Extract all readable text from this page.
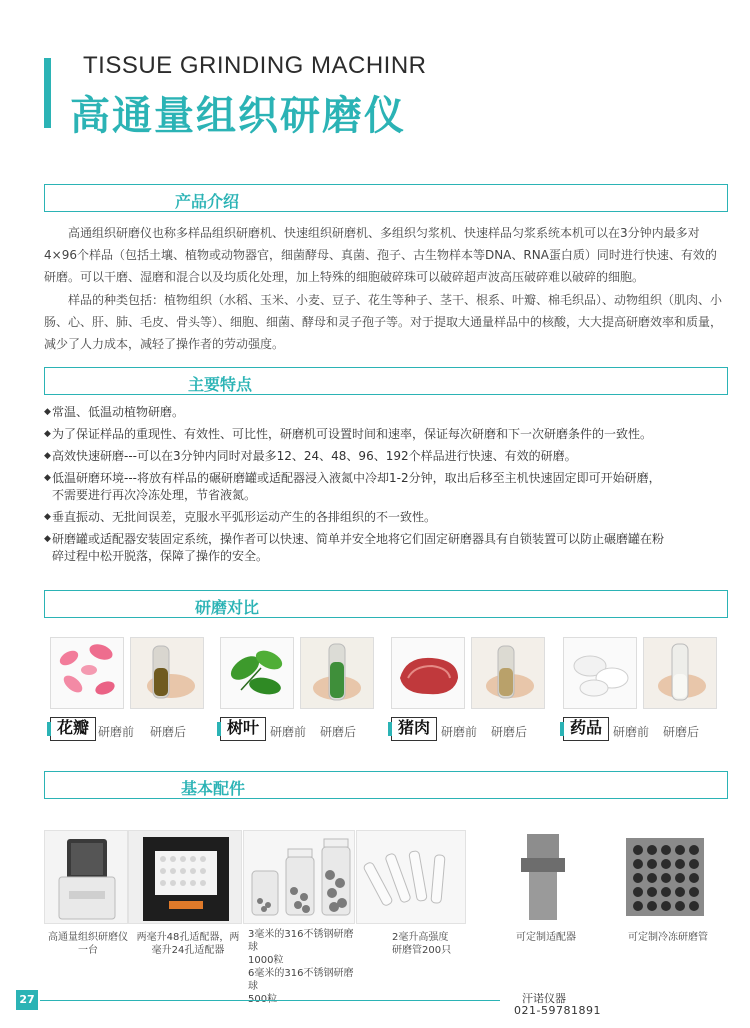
TISSUE GRINDING MACHINR
高通量组织研磨仪
产品介绍

高通组织研磨仪也称多样品组织研磨机、快速组织研磨机、多组织匀浆机、快速样品匀浆系统本机可以在3分钟内最多对4×96个样品（包括土壤、植物或动物器官，细菌酵母、真菌、孢子、古生物样本等DNA、RNA蛋白质）同时进行快速、有效的研磨。可以干磨、湿磨和混合以及均质化处理，加上特殊的细胞破碎珠可以破碎超声波高压破碎难以破碎的细胞。

样品的种类包括：植物组织（水稻、玉米、小麦、豆子、花生等种子、茎干、根系、叶瓣、棉毛织品）、动物组织（肌肉、小肠、心、肝、肺、毛皮、骨头等）、细胞、细菌、酵母和灵子孢子等。对于提取大通量样品中的核酸，大大提高研磨效率和质量，减少了人力成本，减轻了操作者的劳动强度。

主要特点
◆ 常温、低温动植物研磨。
◆ 为了保证样品的重现性、有效性、可比性，研磨机可设置时间和速率，保证每次研磨和下一次研磨条件的一致性。
◆ 高效快速研磨---可以在3分钟内同时对最多12、24、48、96、192个样品进行快速、有效的研磨。
◆ 低温研磨环境---将放有样品的碾研磨罐或适配器浸入液氮中冷却1-2分钟，取出后移至主机快速固定即可开始研磨，不需要进行再次冷冻处理，节省液氮。
◆ 垂直振动、无批间误差，克服水平弧形运动产生的各排组织的不一致性。
◆ 研磨罐或适配器安装固定系统，操作者可以快速、简单并安全地将它们固定研磨器具有自锁装置可以防止碾磨罐在粉碎过程中松开脱落，保障了操作的安全。
研磨对比
花瓣 研磨前 研磨后	树叶 研磨前 研磨后	猪肉 研磨前 研磨后	药品 研磨前 研磨后
基本配件
高通量组织研磨仪
一台
两毫升48孔适配器，两
毫升24孔适配器
3毫米的316不锈钢研磨球
1000粒
6毫米的316不锈钢研磨球

2毫升高强度
研磨管200只
可定制适配器	可定制冷冻研磨管
27	汗诺仪器
021-59781891
